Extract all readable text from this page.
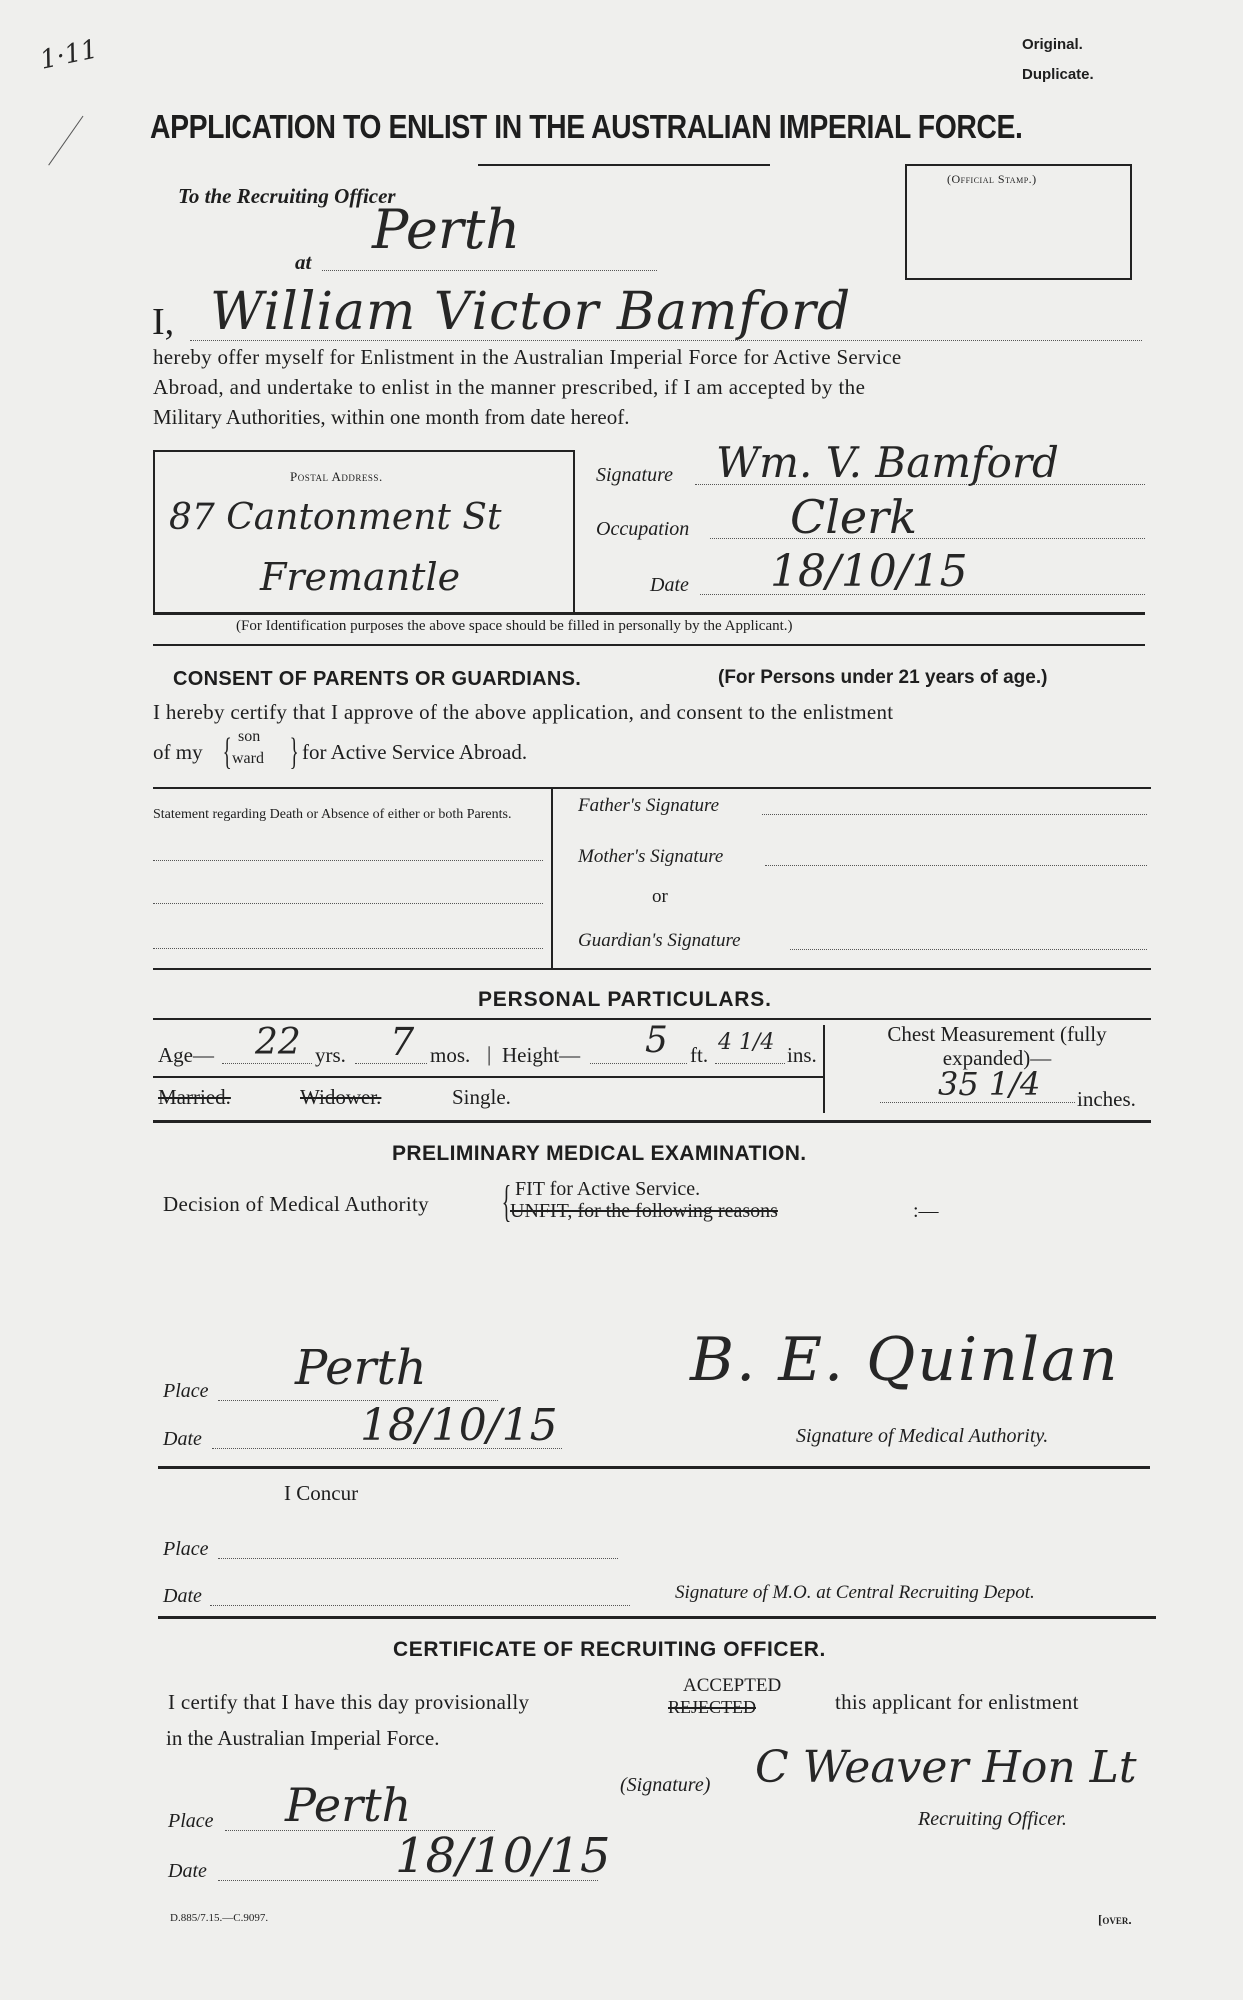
1·11	Original.
Duplicate.
APPLICATION TO ENLIST IN THE AUSTRALIAN IMPERIAL FORCE.
(Official Stamp.)
To the Recruiting Officer
at
Perth
I, William Victor Bamford
hereby offer myself for Enlistment in the Australian Imperial Force for Active Service
Abroad, and undertake to enlist in the manner prescribed, if I am accepted by the
Military Authorities, within one month from date hereof.
Postal Address.
87 Cantonment St
Fremantle
Signature Wm. V. Bamford
Occupation Clerk
Date 18/10/15
(For Identification purposes the above space should be filled in personally by the Applicant.)
CONSENT OF PARENTS OR GUARDIANS.	(For Persons under 21 years of age.)
I hereby certify that I approve of the above application, and consent to the enlistment
of my { son
ward } for Active Service Abroad.
Statement regarding Death or Absence of either or both Parents.	Father's Signature
Mother's Signature
or
Guardian's Signature
PERSONAL PARTICULARS.
Age— 22 yrs. 7 mos. | Height— 5 ft. 4 1/4 ins.
Chest Measurement (fully expanded)—
35 1/4 inches.
Married.	Widower.	Single.
PRELIMINARY MEDICAL EXAMINATION.
Decision of Medical Authority { FIT for Active Service.
UNFIT, for the following reasons	:—
Place Perth
Date	18/10/15
B. E. Quinlan
Signature of Medical Authority.
I Concur
Place
Date	Signature of M.O. at Central Recruiting Depot.
CERTIFICATE OF RECRUITING OFFICER.
I certify that I have this day provisionally
ACCEPTED
REJECTED	this applicant for enlistment
in the Australian Imperial Force.
(Signature) C Weaver Hon Lt
Recruiting Officer.
Place Perth
Date	18/10/15
D.885/7.15.—C.9097.	[over.
